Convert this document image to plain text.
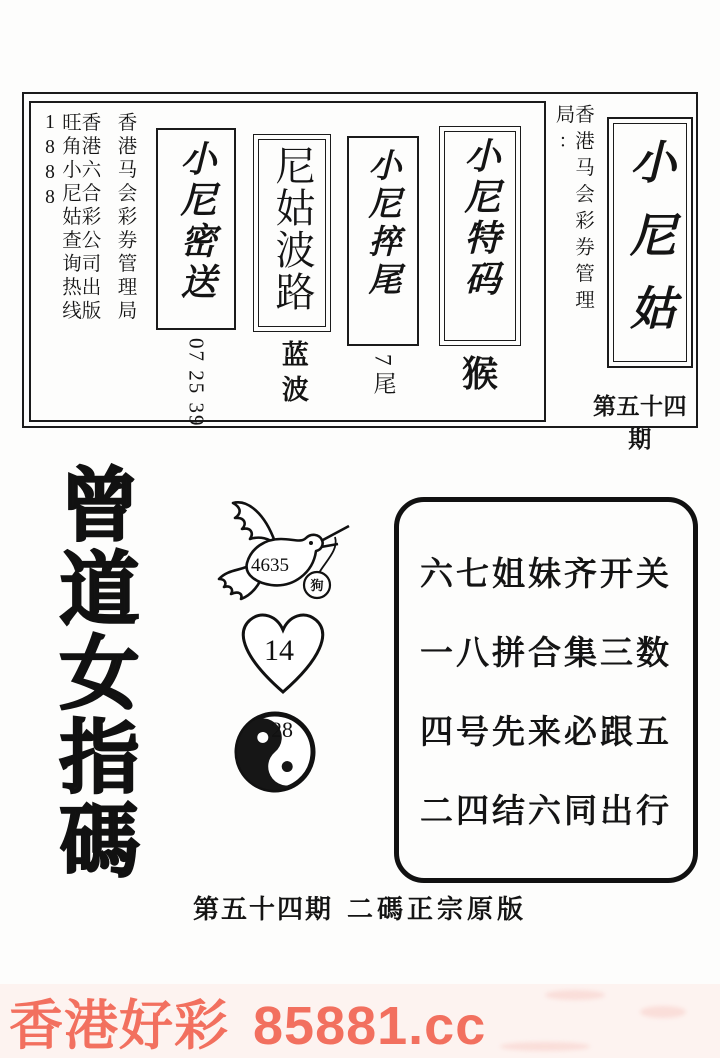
旺角小尼姑查询热线1888 香港六合彩公司出版 香港马会彩券管理局 小尼密送
07 25 39
尼姑波路
蓝波
小尼捽尾
7尾
小尼特码
猴
香港马会彩券管理局:
小尼姑
第五十四期
曾道女指碼	狗
4635
14
28
六七姐妹齐开关
一八拼合集三数
四号先来必跟五
二四结六同出行
第五十四期 二碼正宗原版
香港好彩 85881.cc
